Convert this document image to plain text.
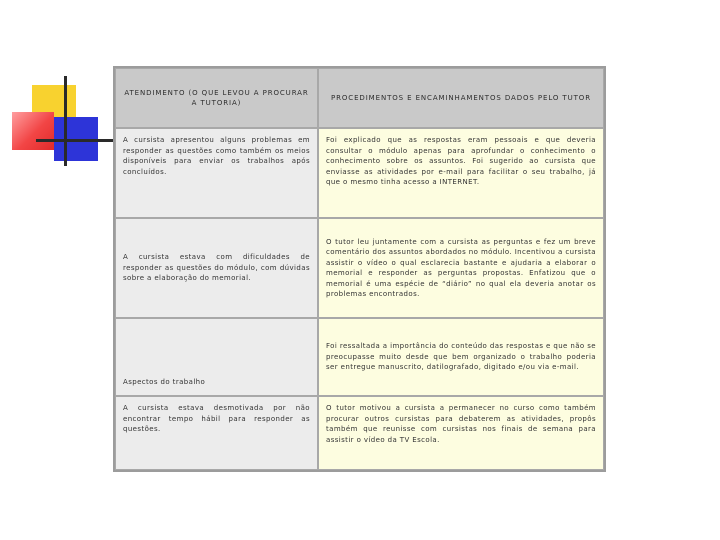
ATENDIMENTO (O QUE LEVOU A PROCURAR A TUTORIA)	PROCEDIMENTOS E ENCAMINHAMENTOS DADOS PELO TUTOR
A cursista apresentou alguns problemas em responder as questões como também os meios disponíveis para enviar os trabalhos após concluídos.	Foi explicado que as respostas eram pessoais e que deveria consultar o módulo apenas para aprofundar o conhecimento o conhecimento sobre os assuntos. Foi sugerido ao cursista que enviasse as atividades por e-mail para facilitar o seu trabalho, já que o mesmo tinha acesso a INTERNET.
A cursista estava com dificuldades de responder as questões do módulo, com dúvidas sobre a elaboração do memorial.	O tutor leu juntamente com a cursista as perguntas e fez um breve comentário dos assuntos abordados no módulo. Incentivou a cursista assistir o vídeo o qual esclarecia bastante e ajudaria a elaborar o memorial e responder as perguntas propostas. Enfatizou que o memorial é uma espécie de “diário” no qual ela deveria anotar os problemas encontrados.
Aspectos do trabalho	Foi ressaltada a importância do conteúdo das respostas e que não se preocupasse muito desde que bem organizado o trabalho poderia ser entregue manuscrito, datilografado, digitado e/ou via e-mail.
A cursista estava desmotivada por não encontrar tempo hábil para responder as questões.	O tutor motivou a cursista a permanecer no curso como também procurar outros cursistas para debaterem as atividades, propôs também que reunisse com cursistas nos finais de semana para assistir o vídeo da TV Escola.
